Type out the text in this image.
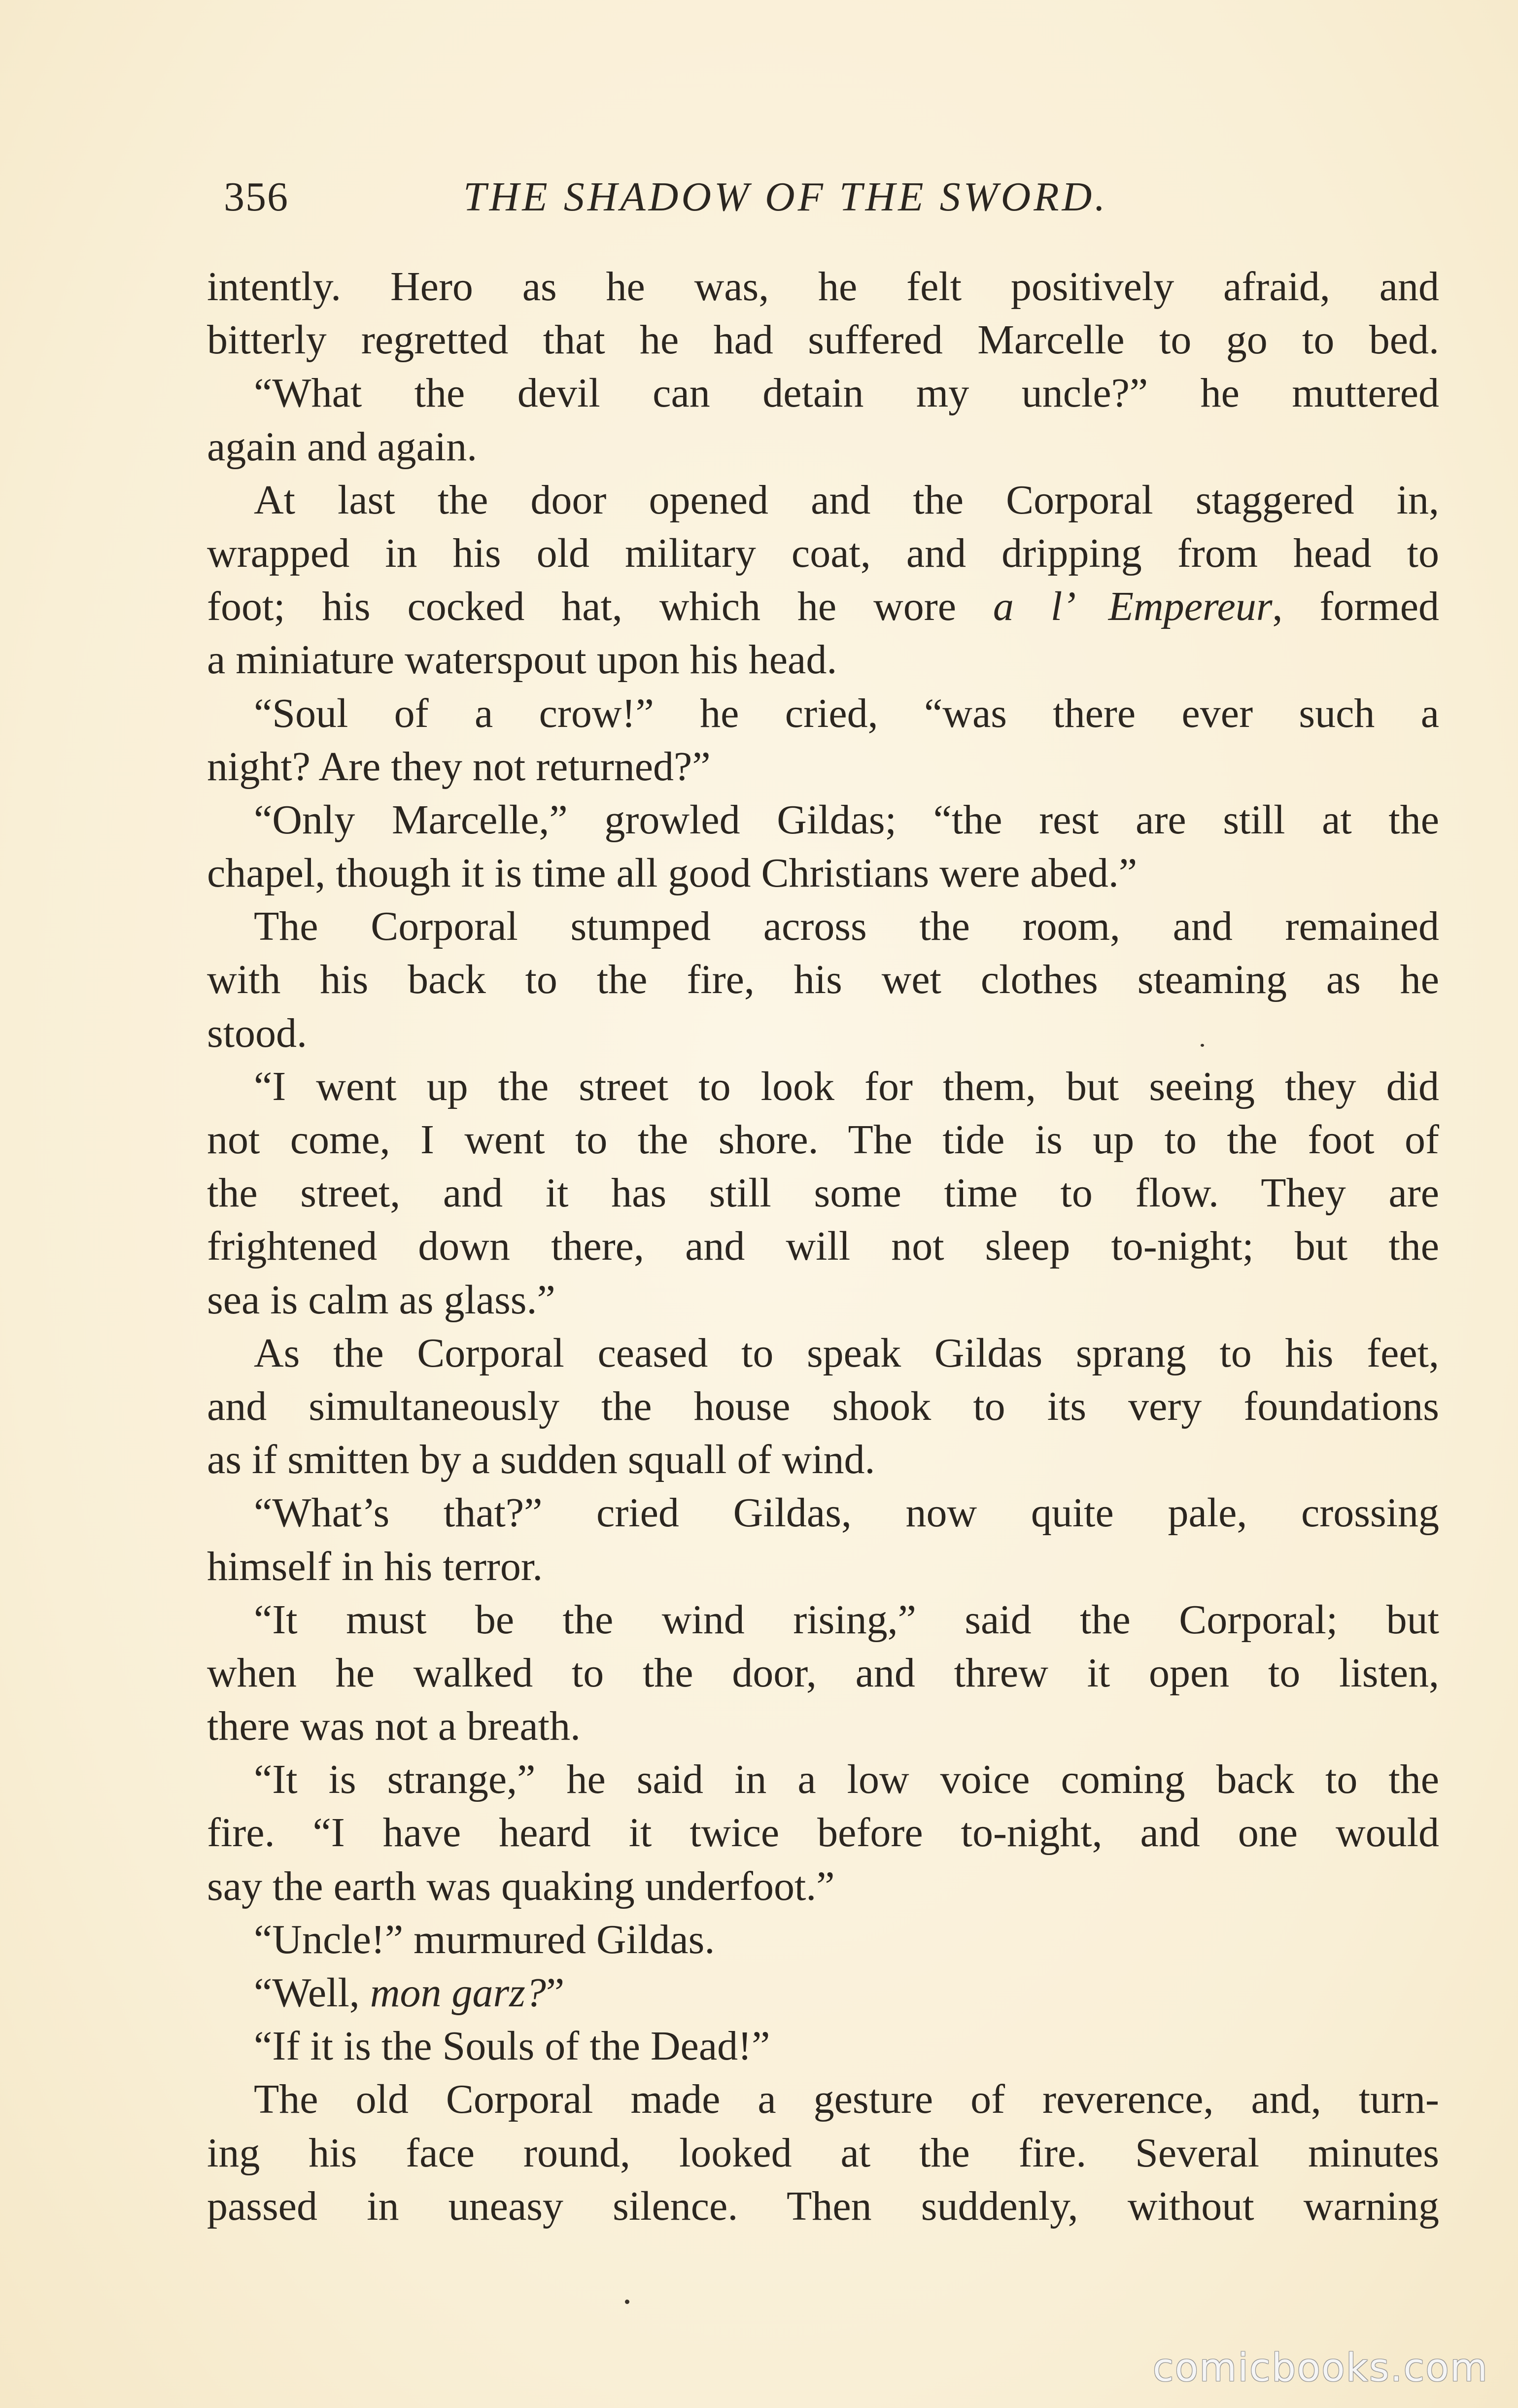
356	THE SHADOW OF THE SWORD.
intently. Hero as he was, he felt positively afraid, and
bitterly regretted that he had suffered Marcelle to go to bed.
“What the devil can detain my uncle?” he muttered
again and again.
At last the door opened and the Corporal staggered in,
wrapped in his old military coat, and dripping from head to
foot; his cocked hat, which he wore a l’ Empereur, formed
a miniature waterspout upon his head.
“Soul of a crow!” he cried, “was there ever such a
night? Are they not returned?”
“Only Marcelle,” growled Gildas; “the rest are still at the
chapel, though it is time all good Christians were abed.”
The Corporal stumped across the room, and remained
with his back to the fire, his wet clothes steaming as he
stood.
“I went up the street to look for them, but seeing they did
not come, I went to the shore. The tide is up to the foot of
the street, and it has still some time to flow. They are
frightened down there, and will not sleep to-night; but the
sea is calm as glass.”
As the Corporal ceased to speak Gildas sprang to his feet,
and simultaneously the house shook to its very foundations
as if smitten by a sudden squall of wind.
“What’s that?” cried Gildas, now quite pale, crossing
himself in his terror.
“It must be the wind rising,” said the Corporal; but
when he walked to the door, and threw it open to listen,
there was not a breath.
“It is strange,” he said in a low voice coming back to the
fire. “I have heard it twice before to-night, and one would
say the earth was quaking underfoot.”
“Uncle!” murmured Gildas.
“Well, mon garz?”
“If it is the Souls of the Dead!”
The old Corporal made a gesture of reverence, and, turn-
ing his face round, looked at the fire. Several minutes
passed in uneasy silence. Then suddenly, without warning
comicbooks.com
